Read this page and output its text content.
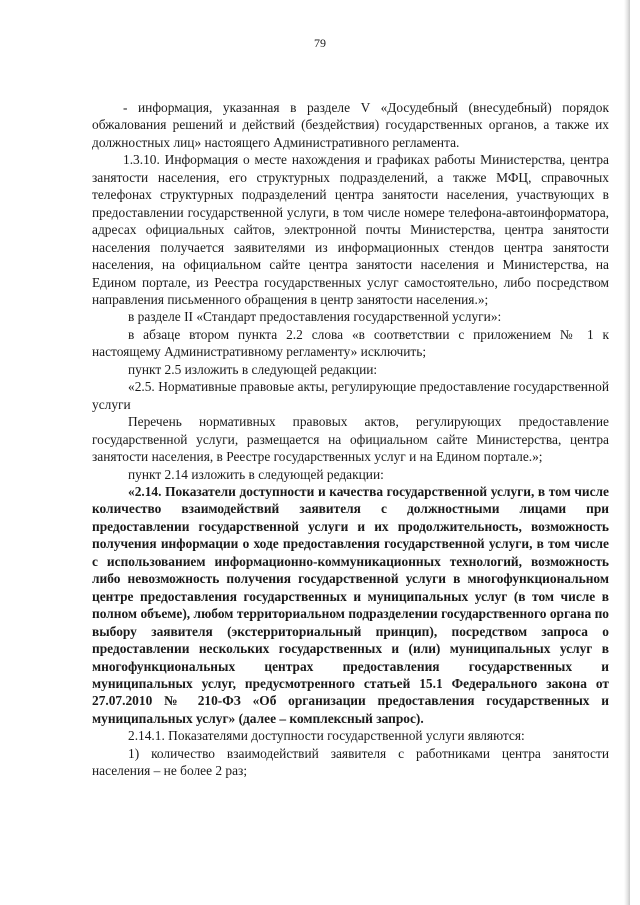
79

- информация, указанная в разделе V «Досудебный (внесудебный) порядок обжалования решений и действий (бездействия) государственных органов, а также их должностных лиц» настоящего Административного регламента.

1.3.10. Информация о месте нахождения и графиках работы Министерства, центра занятости населения, его структурных подразделений, а также МФЦ, справочных телефонах структурных подразделений центра занятости населения, участвующих в предоставлении государственной услуги, в том числе номере телефона-автоинформатора, адресах официальных сайтов, электронной почты Министерства, центра занятости населения получается заявителями из информационных стендов центра занятости населения, на официальном сайте центра занятости населения и Министерства, на Едином портале, из Реестра государственных услуг самостоятельно, либо посредством направления письменного обращения в центр занятости населения.»;

в разделе II «Стандарт предоставления государственной услуги»:

в абзаце втором пункта 2.2 слова «в соответствии с приложением № 1 к настоящему Административному регламенту» исключить;

пункт 2.5 изложить в следующей редакции:

«2.5. Нормативные правовые акты, регулирующие предоставление государственной услуги

Перечень нормативных правовых актов, регулирующих предоставление государственной услуги, размещается на официальном сайте Министерства, центра занятости населения, в Реестре государственных услуг и на Едином портале.»;

пункт 2.14 изложить в следующей редакции:

«2.14. Показатели доступности и качества государственной услуги, в том числе количество взаимодействий заявителя с должностными лицами при предоставлении государственной услуги и их продолжительность, возможность получения информации о ходе предоставления государственной услуги, в том числе с использованием информационно-коммуникационных технологий, возможность либо невозможность получения государственной услуги в многофункциональном центре предоставления государственных и муниципальных услуг (в том числе в полном объеме), любом территориальном подразделении государственного органа по выбору заявителя (экстерриториальный принцип), посредством запроса о предоставлении нескольких государственных и (или) муниципальных услуг в многофункциональных центрах предоставления государственных и муниципальных услуг, предусмотренного статьей 15.1 Федерального закона от 27.07.2010 № 210-ФЗ «Об организации предоставления государственных и муниципальных услуг» (далее – комплексный запрос).

2.14.1. Показателями доступности государственной услуги являются:

1) количество взаимодействий заявителя с работниками центра занятости населения – не более 2 раз;
